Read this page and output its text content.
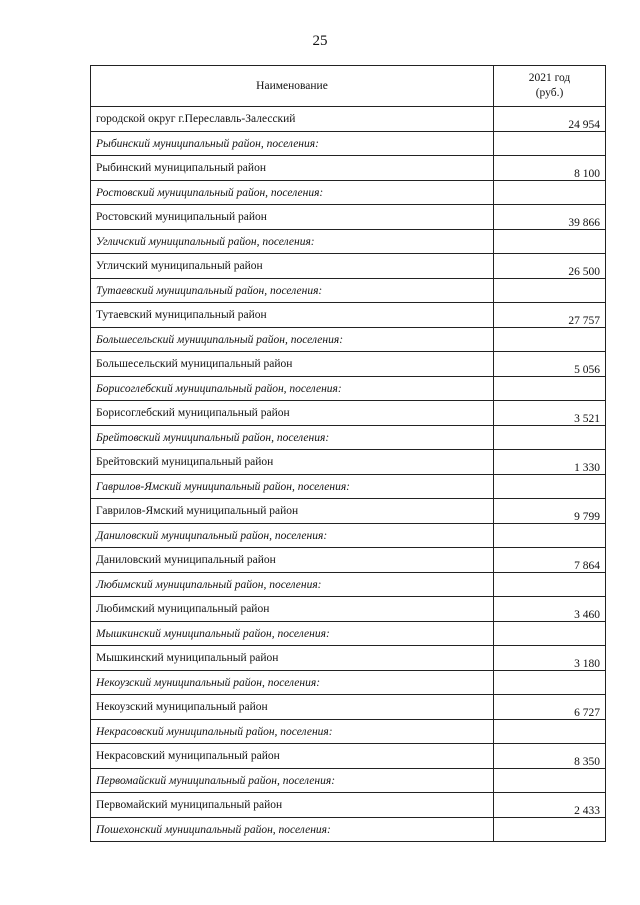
25
Наименование	2021 год
(руб.)

городской округ г.Переславль-Залесский	24 954
Рыбинский муниципальный район, поселения:	
Рыбинский муниципальный район	8 100
Ростовский муниципальный район, поселения:	
Ростовский муниципальный район	39 866
Угличский муниципальный район, поселения:	
Угличский муниципальный район	26 500
Тутаевский муниципальный район, поселения:	
Тутаевский муниципальный район	27 757
Большесельский муниципальный район, поселения:	
Большесельский муниципальный район	5 056
Борисоглебский муниципальный район, поселения:	
Борисоглебский муниципальный район	3 521
Брейтовский муниципальный район, поселения:	
Брейтовский муниципальный район	1 330
Гаврилов-Ямский муниципальный район, поселения:	
Гаврилов-Ямский муниципальный район	9 799
Даниловский муниципальный район, поселения:	
Даниловский муниципальный район	7 864
Любимский муниципальный район, поселения:	
Любимский муниципальный район	3 460
Мышкинский муниципальный район, поселения:	
Мышкинский муниципальный район	3 180
Некоузский муниципальный район, поселения:	
Некоузский муниципальный район	6 727
Некрасовский муниципальный район, поселения:	
Некрасовский муниципальный район	8 350
Первомайский муниципальный район, поселения:	
Первомайский муниципальный район	2 433
Пошехонский муниципальный район, поселения:	
